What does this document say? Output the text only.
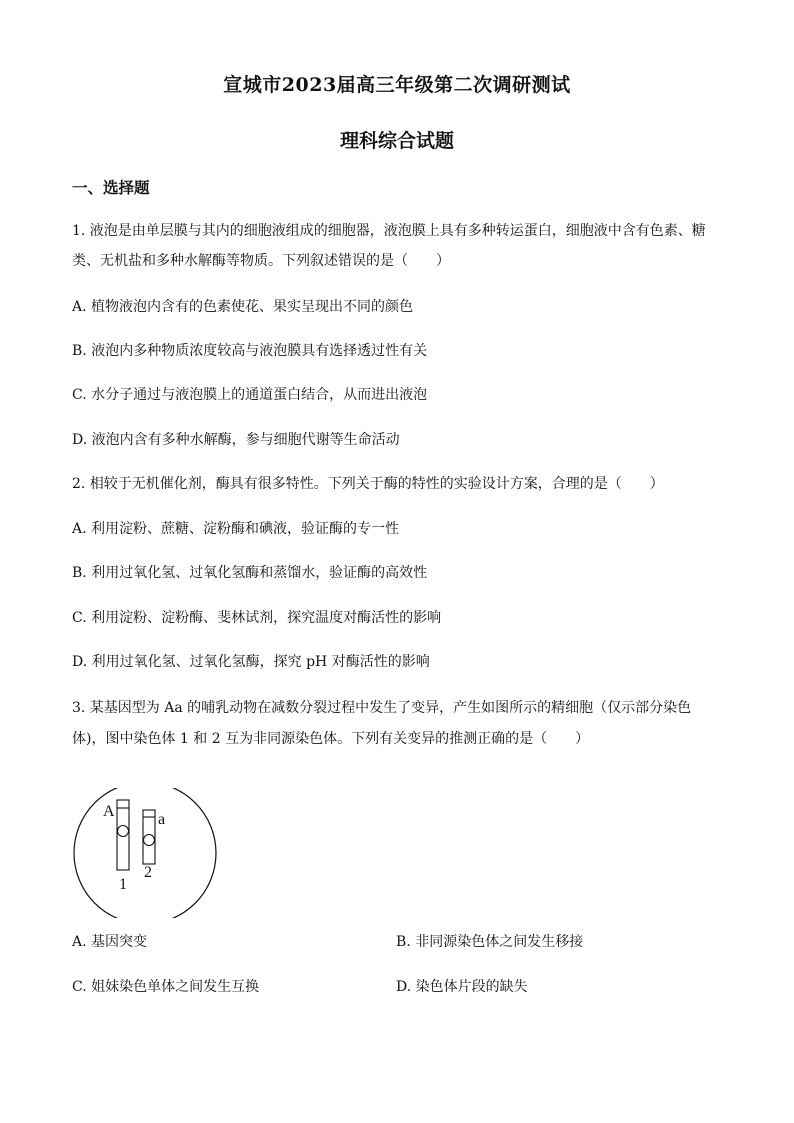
宣城市2023届高三年级第二次调研测试
理科综合试题
一、选择题
1. 液泡是由单层膜与其内的细胞液组成的细胞器，液泡膜上具有多种转运蛋白，细胞液中含有色素、糖
类、无机盐和多种水解酶等物质。下列叙述错误的是（　　）
A. 植物液泡内含有的色素使花、果实呈现出不同的颜色
B. 液泡内多种物质浓度较高与液泡膜具有选择透过性有关
C. 水分子通过与液泡膜上的通道蛋白结合，从而进出液泡
D. 液泡内含有多种水解酶，参与细胞代谢等生命活动
2. 相较于无机催化剂，酶具有很多特性。下列关于酶的特性的实验设计方案，合理的是（　　）
A. 利用淀粉、蔗糖、淀粉酶和碘液，验证酶的专一性
B. 利用过氧化氢、过氧化氢酶和蒸馏水，验证酶的高效性
C. 利用淀粉、淀粉酶、斐林试剂，探究温度对酶活性的影响
D. 利用过氧化氢、过氧化氢酶，探究 pH 对酶活性的影响
3. 某基因型为 Aa 的哺乳动物在减数分裂过程中发生了变异，产生如图所示的精细胞（仅示部分染色
体)，图中染色体 1 和 2 互为非同源染色体。下列有关变异的推测正确的是（　　）
A	a
1
2
A. 基因突变	B. 非同源染色体之间发生移接
C. 姐妹染色单体之间发生互换	D. 染色体片段的缺失
